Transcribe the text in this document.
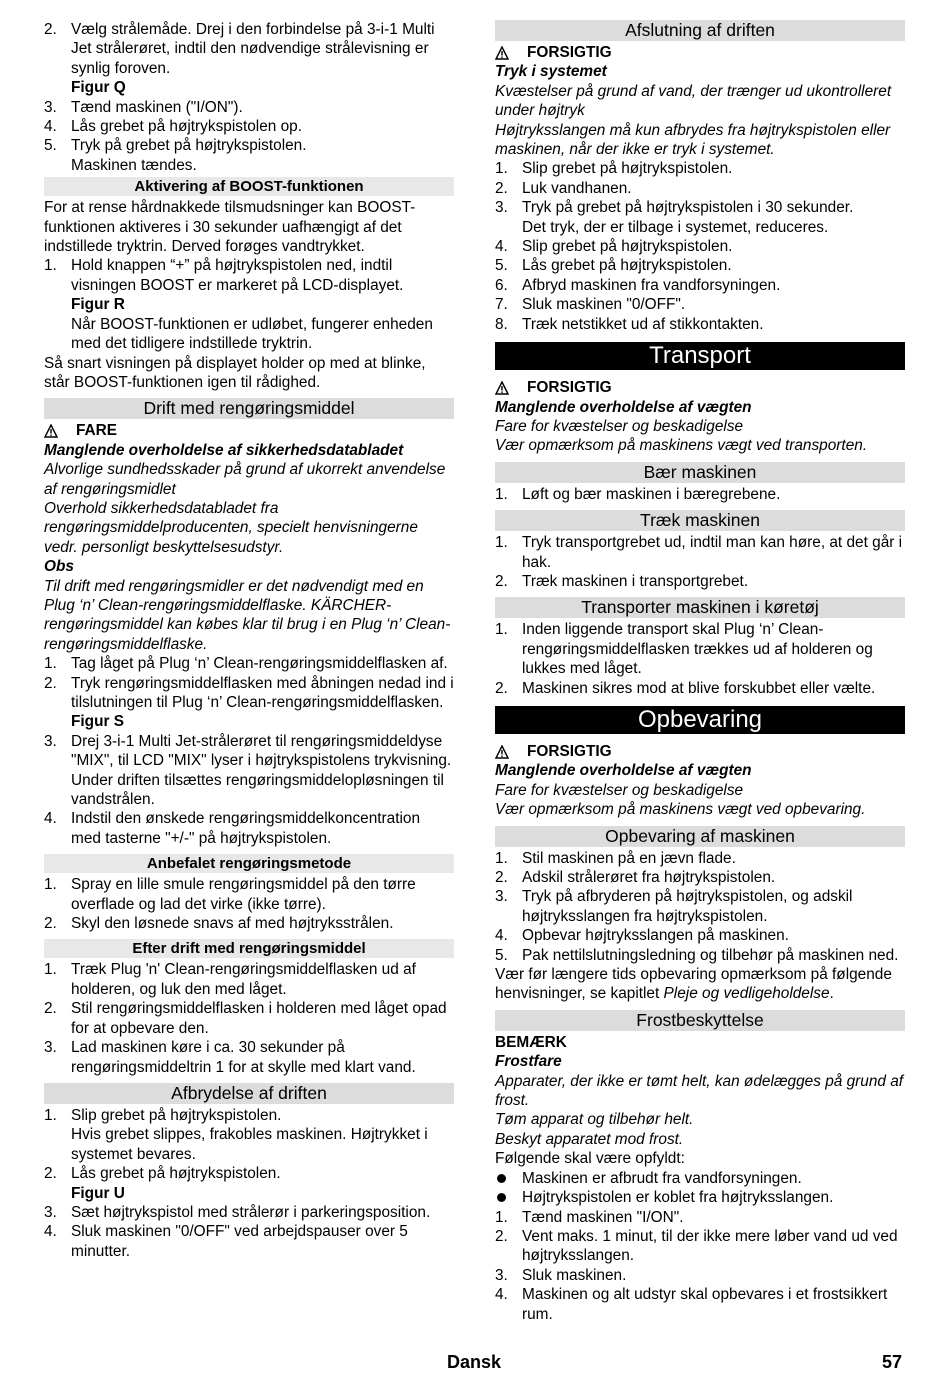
2. Vælg strålemåde. Drej i den forbindelse på 3-i-1 Multi Jet strålerøret, indtil den nødvendige strålevisning er synlig foroven.
Figur Q
3. Tænd maskinen ("I/ON").
4. Lås grebet på højtrykspistolen op.
5. Tryk på grebet på højtrykspistolen.
Maskinen tændes.
Aktivering af BOOST-funktionen

For at rense hårdnakkede tilsmudsninger kan BOOST-funktionen aktiveres i 30 sekunder uafhængigt af det indstillede tryktrin. Derved forøges vandtrykket.

1. Hold knappen “+” på højtrykspistolen ned, indtil visningen BOOST er markeret på LCD-displayet.
Figur R
Når BOOST-funktionen er udløbet, fungerer enheden med det tidligere indstillede tryktrin.

Så snart visningen på displayet holder op med at blinke, står BOOST-funktionen igen til rådighed.

Drift med rengøringsmiddel
FARE
Manglende overholdelse af sikkerhedsdatabladet
Alvorlige sundhedsskader på grund af ukorrekt anvendelse af rengøringsmidlet
Overhold sikkerhedsdatabladet fra rengøringsmiddelproducenten, specielt henvisningerne vedr. personligt beskyttelsesudstyr.
Obs
Til drift med rengøringsmidler er det nødvendigt med en Plug ‘n’ Clean-rengøringsmiddelflaske. KÄRCHER-rengøringsmiddel kan købes klar til brug i en Plug ‘n’ Clean-rengøringsmiddelflaske.
1. Tag låget på Plug ‘n’ Clean-rengøringsmiddelflasken af.
2. Tryk rengøringsmiddelflasken med åbningen nedad ind i tilslutningen til Plug ‘n’ Clean-rengøringsmiddelflasken.
Figur S
3. Drej 3-i-1 Multi Jet-strålerøret til rengøringsmiddeldyse "MIX", til LCD "MIX" lyser i højtrykspistolens trykvisning.
Under driften tilsættes rengøringsmiddelopløsningen til vandstrålen.
4. Indstil den ønskede rengøringsmiddelkoncentration med tasterne "+/-" på højtrykspistolen.
Anbefalet rengøringsmetode
1. Spray en lille smule rengøringsmiddel på den tørre overflade og lad det virke (ikke tørre).
2. Skyl den løsnede snavs af med højtryksstrålen.
Efter drift med rengøringsmiddel
1. Træk Plug 'n' Clean-rengøringsmiddelflasken ud af holderen, og luk den med låget.
2. Stil rengøringsmiddelflasken i holderen med låget opad for at opbevare den.
3. Lad maskinen køre i ca. 30 sekunder på rengøringsmiddeltrin 1 for at skylle med klart vand.
Afbrydelse af driften
1. Slip grebet på højtrykspistolen.
Hvis grebet slippes, frakobles maskinen. Højtrykket i systemet bevares.
2. Lås grebet på højtrykspistolen.
Figur U
3. Sæt højtrykspistol med strålerør i parkeringsposition.
4. Sluk maskinen "0/OFF" ved arbejdspauser over 5 minutter.
Afslutning af driften
FORSIGTIG
Tryk i systemet
Kvæstelser på grund af vand, der trænger ud ukontrolleret under højtryk
Højtryksslangen må kun afbrydes fra højtrykspistolen eller maskinen, når der ikke er tryk i systemet.
1. Slip grebet på højtrykspistolen.
2. Luk vandhanen.
3. Tryk på grebet på højtrykspistolen i 30 sekunder.
Det tryk, der er tilbage i systemet, reduceres.
4. Slip grebet på højtrykspistolen.
5. Lås grebet på højtrykspistolen.
6. Afbryd maskinen fra vandforsyningen.
7. Sluk maskinen "0/OFF".
8. Træk netstikket ud af stikkontakten.
Transport
FORSIGTIG
Manglende overholdelse af vægten
Fare for kvæstelser og beskadigelse
Vær opmærksom på maskinens vægt ved transporten.
Bær maskinen
1. Løft og bær maskinen i bæregrebene.
Træk maskinen
1. Tryk transportgrebet ud, indtil man kan høre, at det går i hak.
2. Træk maskinen i transportgrebet.
Transporter maskinen i køretøj
1. Inden liggende transport skal Plug ‘n’ Clean-rengøringsmiddelflasken trækkes ud af holderen og lukkes med låget.
2. Maskinen sikres mod at blive forskubbet eller vælte.
Opbevaring
FORSIGTIG
Manglende overholdelse af vægten
Fare for kvæstelser og beskadigelse
Vær opmærksom på maskinens vægt ved opbevaring.
Opbevaring af maskinen
1. Stil maskinen på en jævn flade.
2. Adskil strålerøret fra højtrykspistolen.
3. Tryk på afbryderen på højtrykspistolen, og adskil højtryksslangen fra højtrykspistolen.
4. Opbevar højtryksslangen på maskinen.
5. Pak nettilslutningsledning og tilbehør på maskinen ned.

Vær før længere tids opbevaring opmærksom på følgende henvisninger, se kapitlet Pleje og vedligeholdelse.

Frostbeskyttelse
BEMÆRK
Frostfare
Apparater, der ikke er tømt helt, kan ødelægges på grund af frost.
Tøm apparat og tilbehør helt.
Beskyt apparatet mod frost.

Følgende skal være opfyldt:

Maskinen er afbrudt fra vandforsyningen.
Højtrykspistolen er koblet fra højtryksslangen.
1. Tænd maskinen "I/ON".
2. Vent maks. 1 minut, til der ikke mere løber vand ud ved højtryksslangen.
3. Sluk maskinen.
4. Maskinen og alt udstyr skal opbevares i et frostsikkert rum.
Dansk	57
